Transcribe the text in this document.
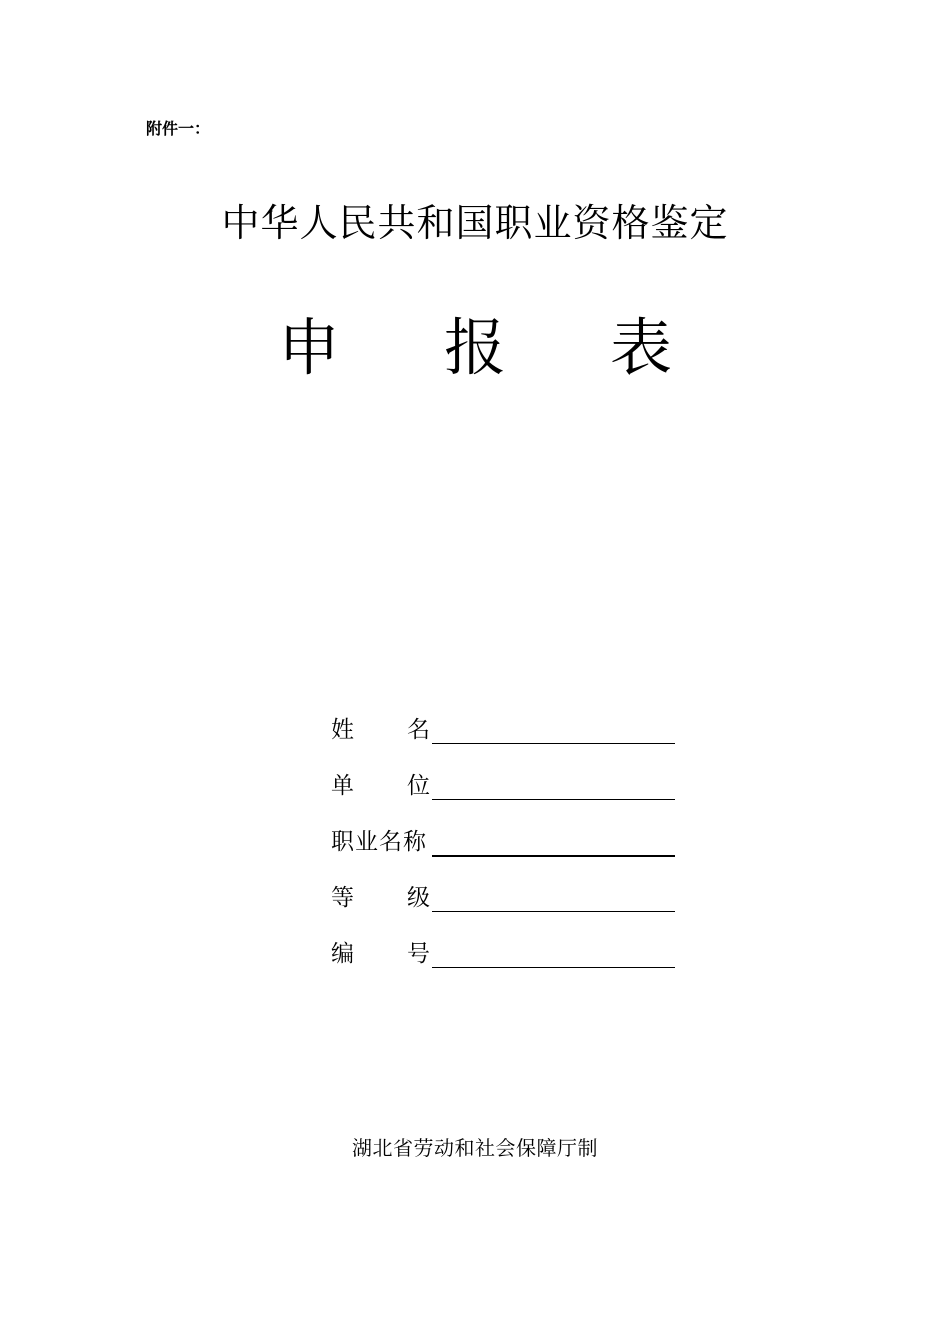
附件一：
中华人民共和国职业资格鉴定
申 报 表
姓 名
单 位
职业名称
等 级
编 号
湖北省劳动和社会保障厅制
